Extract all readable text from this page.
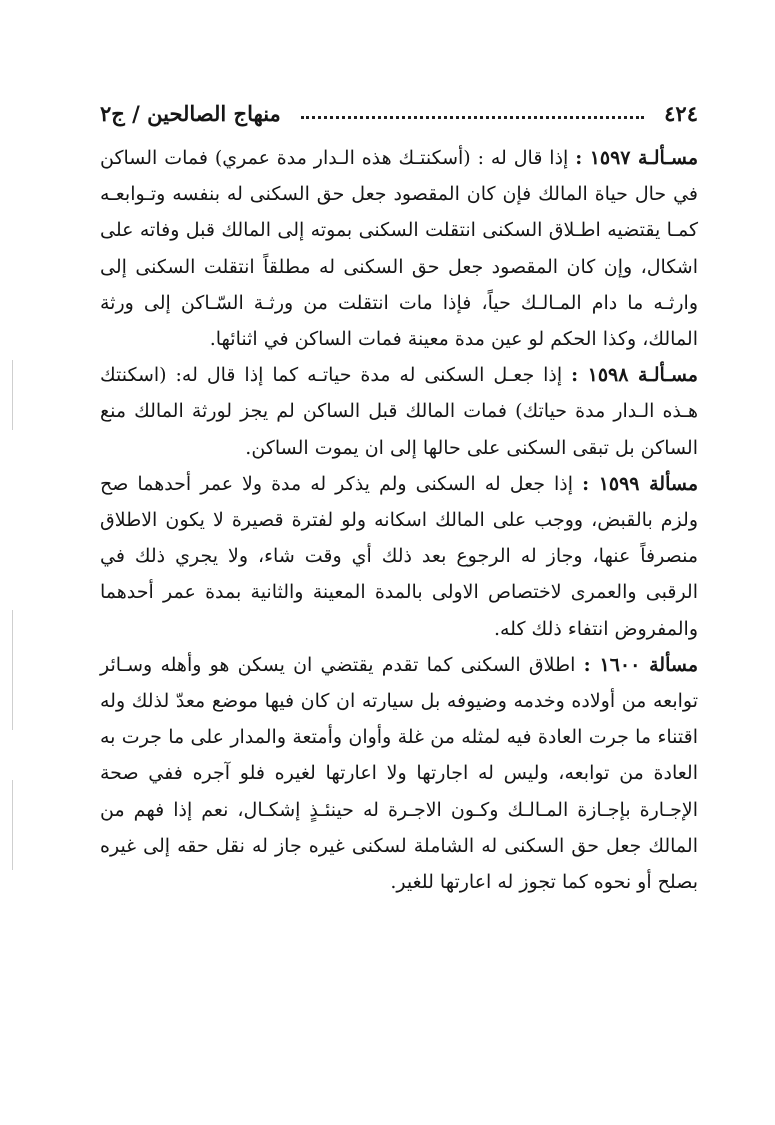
٤٢٤
منهاج الصالحين / ج٢

مسـألـة ١٥٩٧ : إذا قال له : (أسكنتـك هذه الـدار مدة عمري) فمات الساكن في حال حياة المالك فإن كان المقصود جعل حق السكنى له بنفسه وتـوابعـه كمـا يقتضيه اطـلاق السكنى انتقلت السكنى بموته إلى المالك قبل وفاته على اشكال، وإن كان المقصود جعل حق السكنى له مطلقاً انتقلت السكنى إلى وارثـه ما دام المـالـك حياً، فإذا مات انتقلت من ورثـة السّـاكن إلى ورثة المالك، وكذا الحكم لو عين مدة معينة فمات الساكن في اثنائها.

مسـألـة ١٥٩٨ : إذا جعـل السكنى له مدة حياتـه كما إذا قال له: (اسكنتك هـذه الـدار مدة حياتك) فمات المالك قبل الساكن لم يجز لورثة المالك منع الساكن بل تبقى السكنى على حالها إلى ان يموت الساكن.

مسألة ١٥٩٩ : إذا جعل له السكنى ولم يذكر له مدة ولا عمر أحدهما صح ولزم بالقبض، ووجب على المالك اسكانه ولو لفترة قصيرة لا يكون الاطلاق منصرفاً عنها، وجاز له الرجوع بعد ذلك أي وقت شاء، ولا يجري ذلك في الرقبى والعمرى لاختصاص الاولى بالمدة المعينة والثانية بمدة عمر أحدهما والمفروض انتفاء ذلك كله.

مسألة ١٦٠٠ : اطلاق السكنى كما تقدم يقتضي ان يسكن هو وأهله وسـائر توابعه من أولاده وخدمه وضيوفه بل سيارته ان كان فيها موضع معدّ لذلك وله اقتناء ما جرت العادة فيه لمثله من غلة وأوان وأمتعة والمدار على ما جرت به العادة من توابعه، وليس له اجارتها ولا اعارتها لغيره فلو آجره ففي صحة الإجـارة بإجـازة المـالـك وكـون الاجـرة له حينئـذٍ إشكـال، نعم إذا فهم من المالك جعل حق السكنى له الشاملة لسكنى غيره جاز له نقل حقه إلى غيره بصلح أو نحوه كما تجوز له اعارتها للغير.
